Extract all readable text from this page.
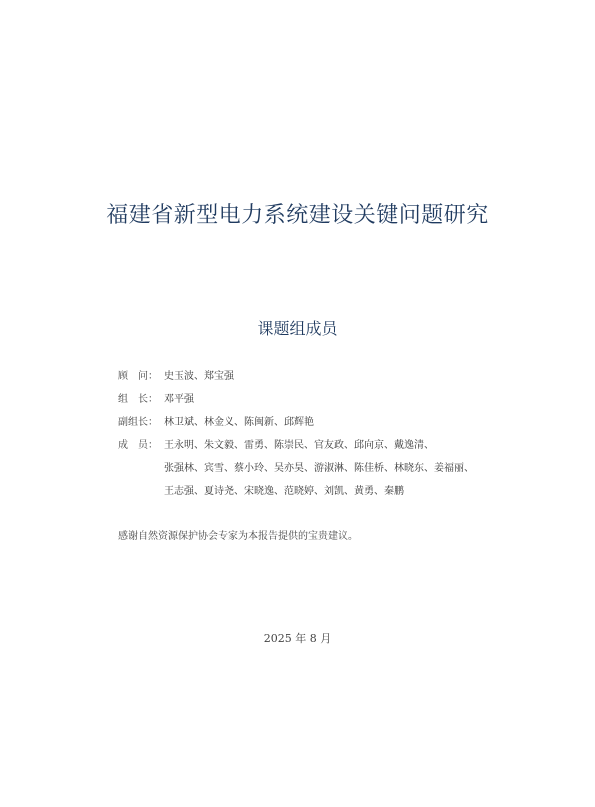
福建省新型电力系统建设关键问题研究
课题组成员
顾　问： 史玉波、郑宝强
组　长： 邓平强
副组长： 林卫斌、林金义、陈闽新、邱辉艳
成　员： 王永明、朱文毅、雷勇、陈崇民、官友政、邱向京、戴逸清、
张强林、宾雪、蔡小玲、吴亦昊、游淑淋、陈佳桥、林晓东、姜福丽、
王志强、夏诗尧、宋晓逸、范晓婷、刘凯、黄勇、秦鹏
感谢自然资源保护协会专家为本报告提供的宝贵建议。
2025 年 8 月
